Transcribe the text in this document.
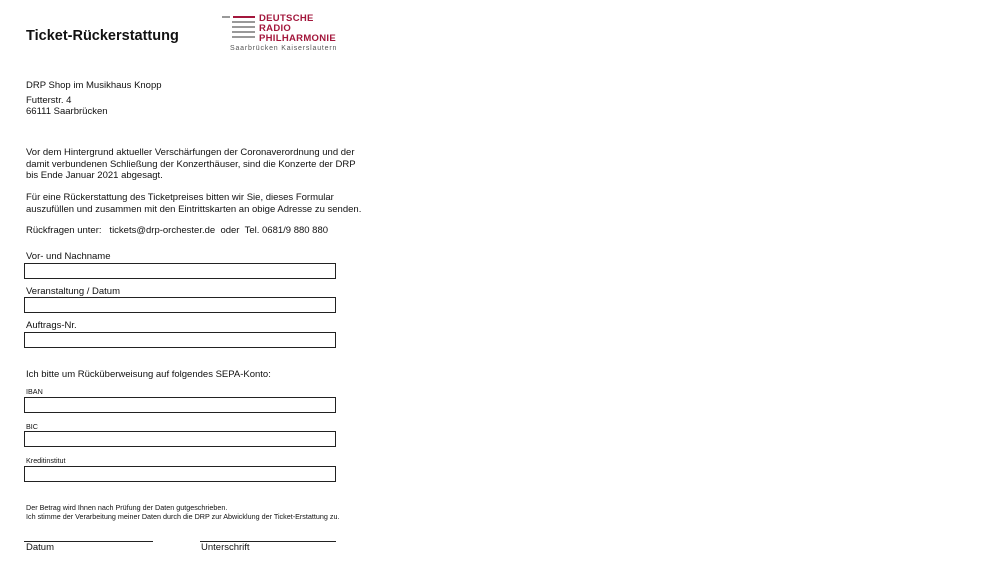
Ticket-Rückerstattung
DEUTSCHE
RADIO
PHILHARMONIE
Saarbrücken Kaiserslautern
DRP Shop im Musikhaus Knopp
Futterstr. 4
66111 Saarbrücken
Vor dem Hintergrund aktueller Verschärfungen der Coronaverordnung und der
damit verbundenen Schließung der Konzerthäuser, sind die Konzerte der DRP
bis Ende Januar 2021 abgesagt.
Für eine Rückerstattung des Ticketpreises bitten wir Sie, dieses Formular
auszufüllen und zusammen mit den Eintrittskarten an obige Adresse zu senden.
Rückfragen unter:   tickets@drp-orchester.de  oder  Tel. 0681/9 880 880
Vor- und Nachname
Veranstaltung / Datum
Auftrags-Nr.
Ich bitte um Rücküberweisung auf folgendes SEPA-Konto:
IBAN
BIC
Kreditinstitut
Der Betrag wird Ihnen nach Prüfung der Daten gutgeschrieben.
Ich stimme der Verarbeitung meiner Daten durch die DRP zur Abwicklung der Ticket-Erstattung zu.
Datum	Unterschrift
